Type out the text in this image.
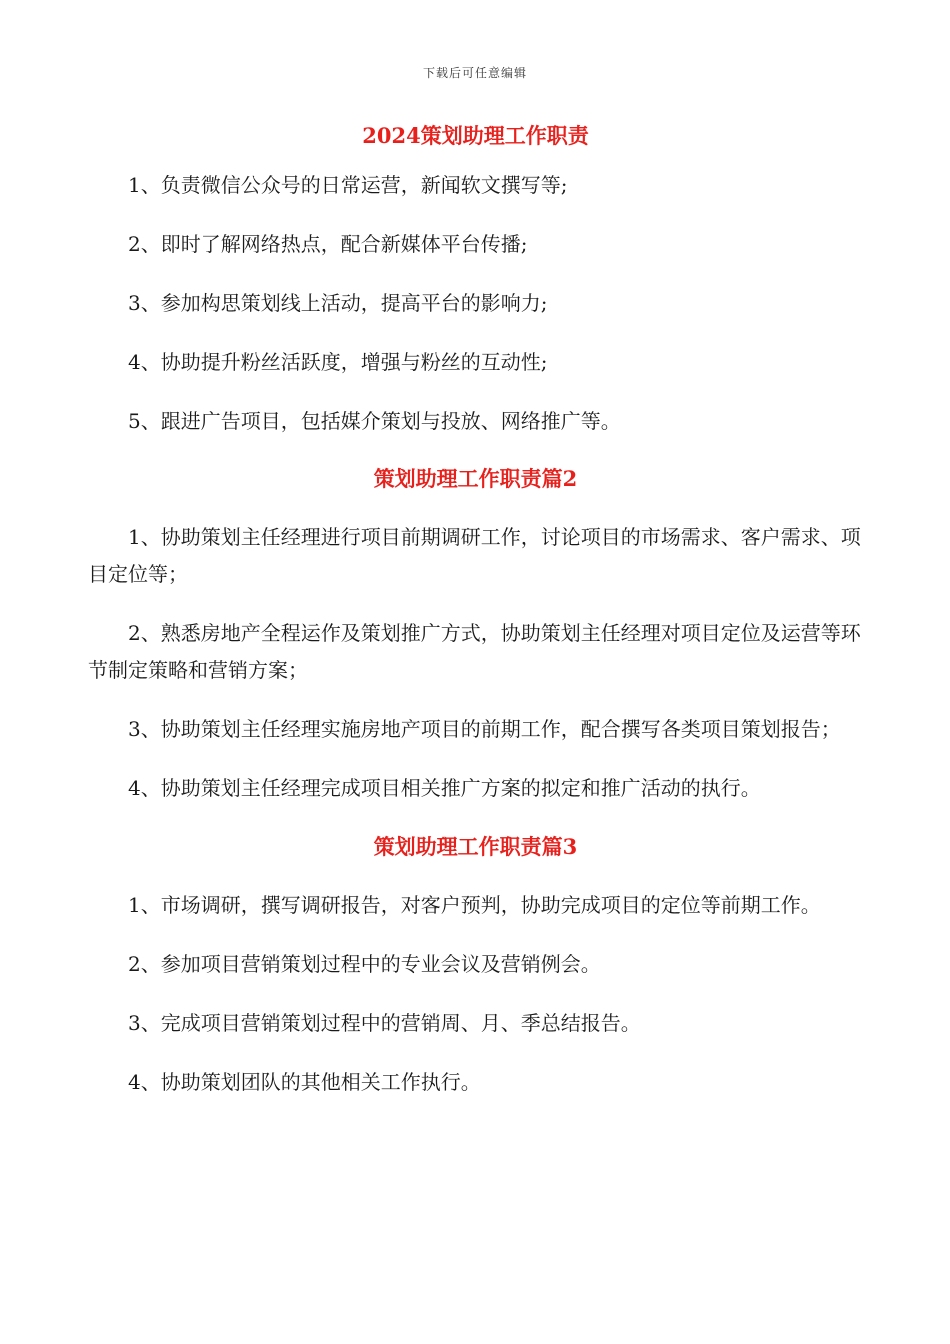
下载后可任意编辑
2024策划助理工作职责

1、负责微信公众号的日常运营，新闻软文撰写等;

2、即时了解网络热点，配合新媒体平台传播;

3、参加构思策划线上活动，提高平台的影响力;

4、协助提升粉丝活跃度，增强与粉丝的互动性;

5、跟进广告项目，包括媒介策划与投放、网络推广等。

策划助理工作职责篇2

1、协助策划主任经理进行项目前期调研工作，讨论项目的市场需求、客户需求、项目定位等；

2、熟悉房地产全程运作及策划推广方式，协助策划主任经理对项目定位及运营等环节制定策略和营销方案；

3、协助策划主任经理实施房地产项目的前期工作，配合撰写各类项目策划报告；

4、协助策划主任经理完成项目相关推广方案的拟定和推广活动的执行。

策划助理工作职责篇3

1、市场调研，撰写调研报告，对客户预判，协助完成项目的定位等前期工作。

2、参加项目营销策划过程中的专业会议及营销例会。

3、完成项目营销策划过程中的营销周、月、季总结报告。

4、协助策划团队的其他相关工作执行。
